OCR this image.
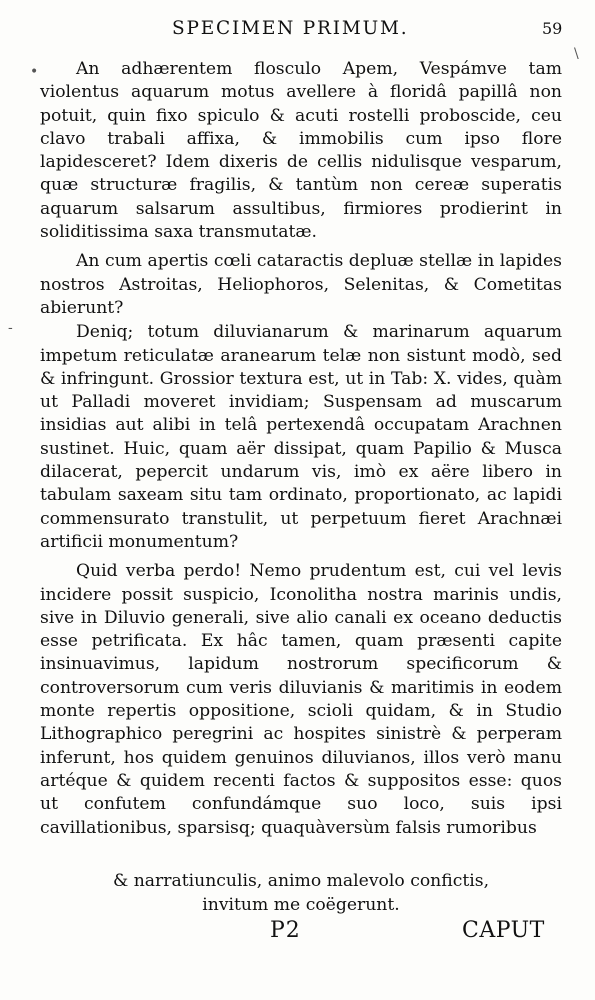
•
-
\
SPECIMEN PRIMUM.	59

An adhærentem flosculo Apem, Vespámve tam violentus aquarum motus avellere à floridâ papillâ non potuit, quin fixo spiculo & acuti rostelli proboscide, ceu clavo trabali affixa, & immobilis cum ipso flore lapidesceret? Idem dixeris de cellis nidulisque vesparum, quæ structuræ fragilis, & tantùm non cereæ superatis aquarum salsarum assultibus, firmiores prodierint in soliditissima saxa transmutatæ.

An cum apertis cœli cataractis depluæ stellæ in lapides nostros Astroitas, Heliophoros, Selenitas, & Cometitas abierunt?

Deniq; totum diluvianarum & marinarum aquarum impetum reticulatæ aranearum telæ non sistunt modò, sed & infringunt. Grossior textura est, ut in Tab: X. vides, quàm ut Palladi moveret invidiam; Suspensam ad muscarum insidias aut alibi in telâ pertexendâ occupatam Arachnen sustinet. Huic, quam aër dissipat, quam Papilio & Musca dilacerat, pepercit undarum vis, imò ex aëre libero in tabulam saxeam situ tam ordinato, proportionato, ac lapidi commensurato transtulit, ut perpetuum fieret Arachnæi artificii monumentum?

Quid verba perdo! Nemo prudentum est, cui vel levis incidere possit suspicio, Iconolitha nostra marinis undis, sive in Diluvio generali, sive alio canali ex oceano deductis esse petrificata. Ex hâc tamen, quam præsenti capite insinuavimus, lapidum nostrorum specificorum & controversorum cum veris diluvianis & maritimis in eodem monte repertis oppositione, scioli quidam, & in Studio Lithographico peregrini ac hospites sinistrè & perperam inferunt, hos quidem genuinos diluvianos, illos verò manu artéque & quidem recenti factos & suppositos esse: quos ut confutem confundámque suo loco, suis ipsi cavillationibus, sparsisq; quaquàversùm falsis rumoribus

& narratiunculis, animo malevolo confictis,
invitum me coëgerunt.
P2	CAPUT
